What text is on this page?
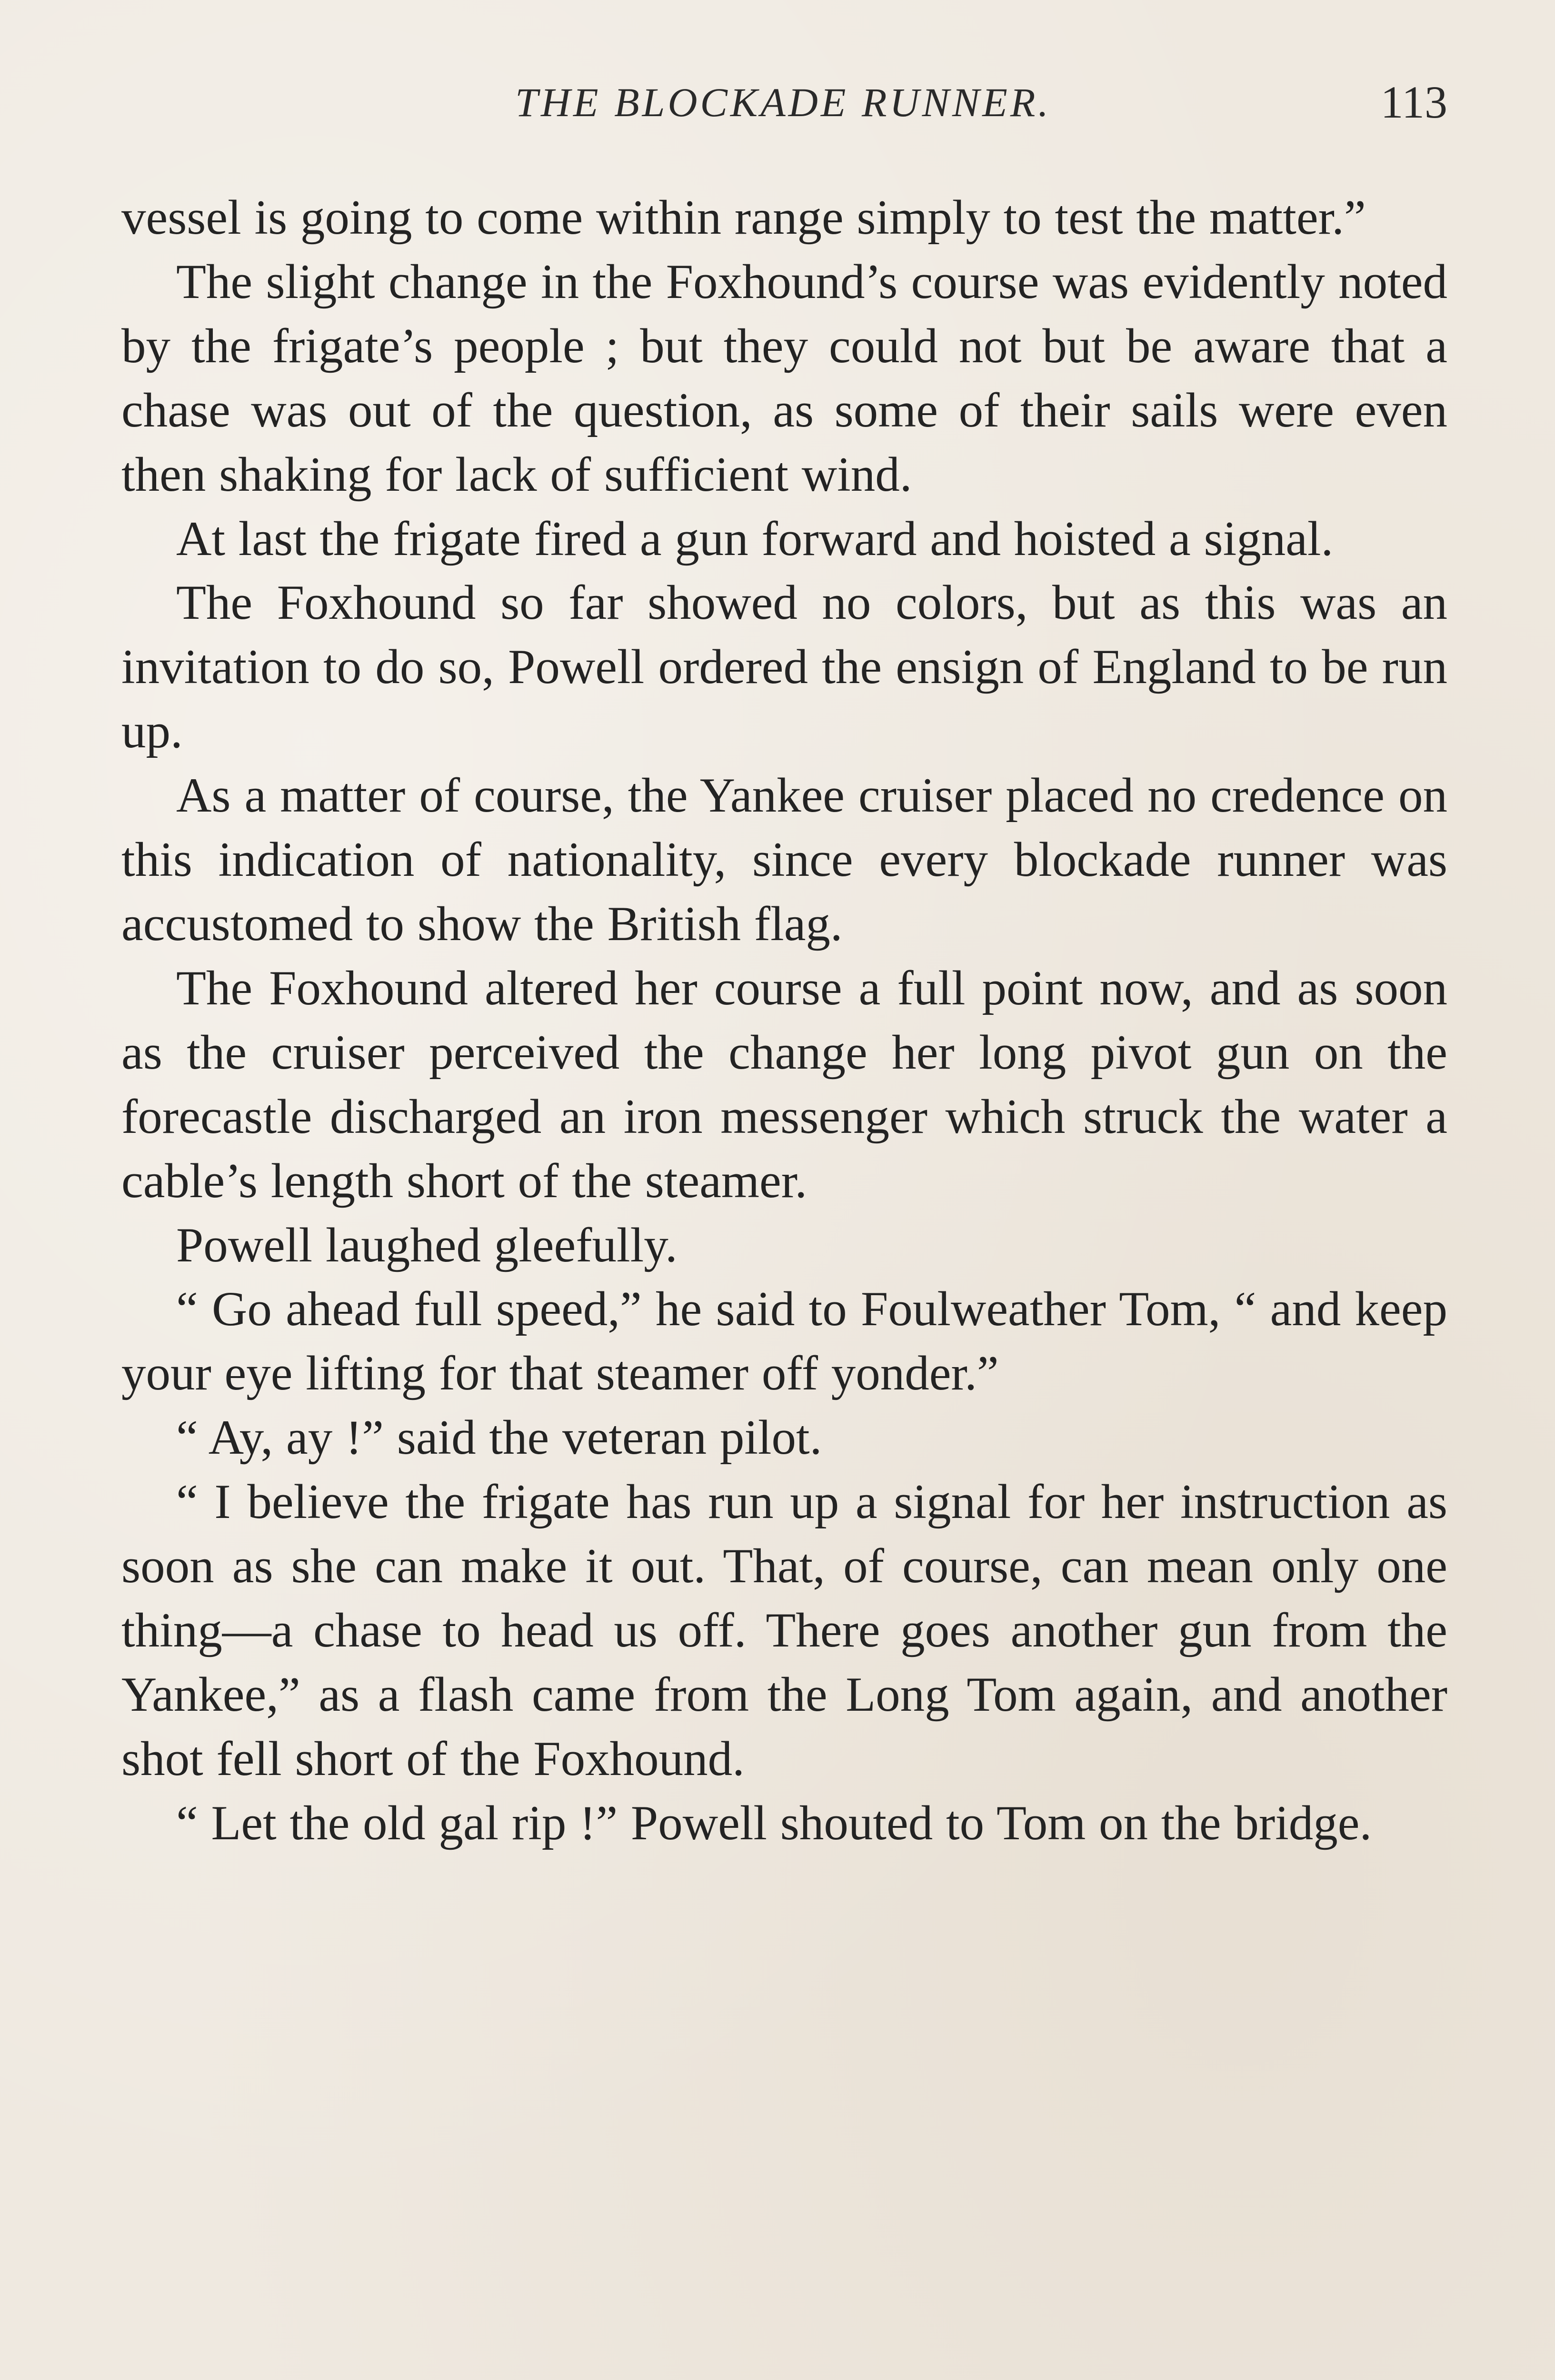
THE BLOCKADE RUNNER.	113

vessel is going to come within range simply to test the matter.”

The slight change in the Foxhound’s course was evidently noted by the frigate’s people ; but they could not but be aware that a chase was out of the question, as some of their sails were even then shaking for lack of sufficient wind.

At last the frigate fired a gun forward and hoisted a signal.

The Foxhound so far showed no colors, but as this was an invitation to do so, Powell ordered the ensign of England to be run up.

As a matter of course, the Yankee cruiser placed no credence on this indication of nationality, since every blockade runner was accustomed to show the British flag.

The Foxhound altered her course a full point now, and as soon as the cruiser perceived the change her long pivot gun on the forecastle discharged an iron messenger which struck the water a cable’s length short of the steamer.

Powell laughed gleefully.

“ Go ahead full speed,” he said to Foulweather Tom, “ and keep your eye lifting for that steamer off yonder.”

“ Ay, ay !” said the veteran pilot.

“ I believe the frigate has run up a signal for her instruction as soon as she can make it out. That, of course, can mean only one thing—a chase to head us off. There goes another gun from the Yankee,” as a flash came from the Long Tom again, and another shot fell short of the Foxhound.

“ Let the old gal rip !” Powell shouted to Tom on the bridge.
